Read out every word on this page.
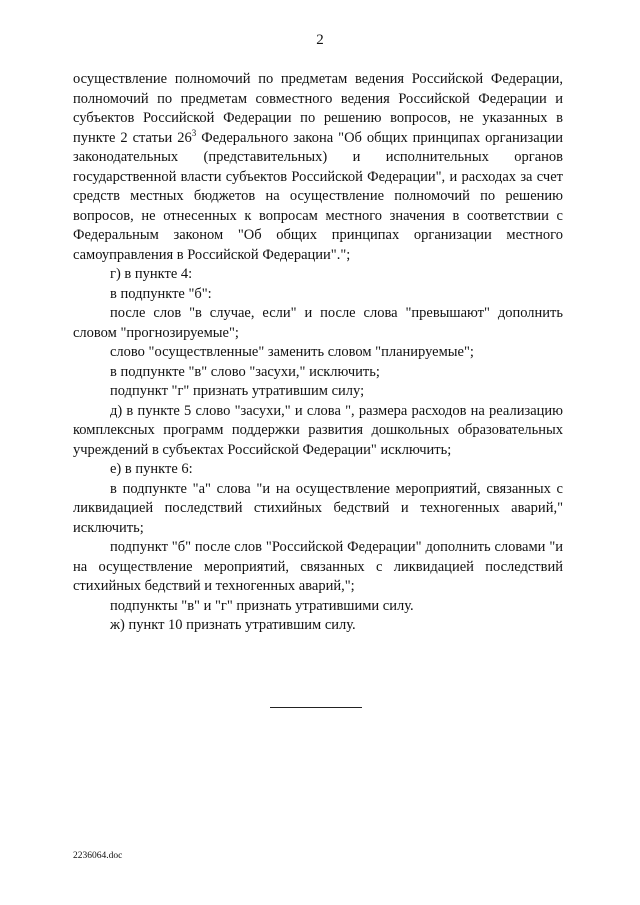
2

осуществление полномочий по предметам ведения Российской Федерации, полномочий по предметам совместного ведения Российской Федерации и субъектов Российской Федерации по решению вопросов, не указанных в пункте 2 статьи $26^3$ Федерального закона "Об общих принципах организации законодательных (представительных) и исполнительных органов государственной власти субъектов Российской Федерации", и расходах за счет средств местных бюджетов на осуществление полномочий по решению вопросов, не отнесенных к вопросам местного значения в соответствии с Федеральным законом "Об общих принципах организации местного самоуправления в Российской Федерации".";

г) в пункте 4:

в подпункте "б":

после слов "в случае, если" и после слова "превышают" дополнить словом "прогнозируемые";

слово "осуществленные" заменить словом "планируемые";

в подпункте "в" слово "засухи," исключить;

подпункт "г" признать утратившим силу;

д) в пункте 5 слово "засухи," и слова ", размера расходов на реализацию комплексных программ поддержки развития дошкольных образовательных учреждений в субъектах Российской Федерации" исключить;

е) в пункте 6:

в подпункте "а" слова "и на осуществление мероприятий, связанных с ликвидацией последствий стихийных бедствий и техногенных аварий," исключить;

подпункт "б" после слов "Российской Федерации" дополнить словами "и на осуществление мероприятий, связанных с ликвидацией последствий стихийных бедствий и техногенных аварий,";

подпункты "в" и "г" признать утратившими силу.

ж) пункт 10 признать утратившим силу.

2236064.doc
